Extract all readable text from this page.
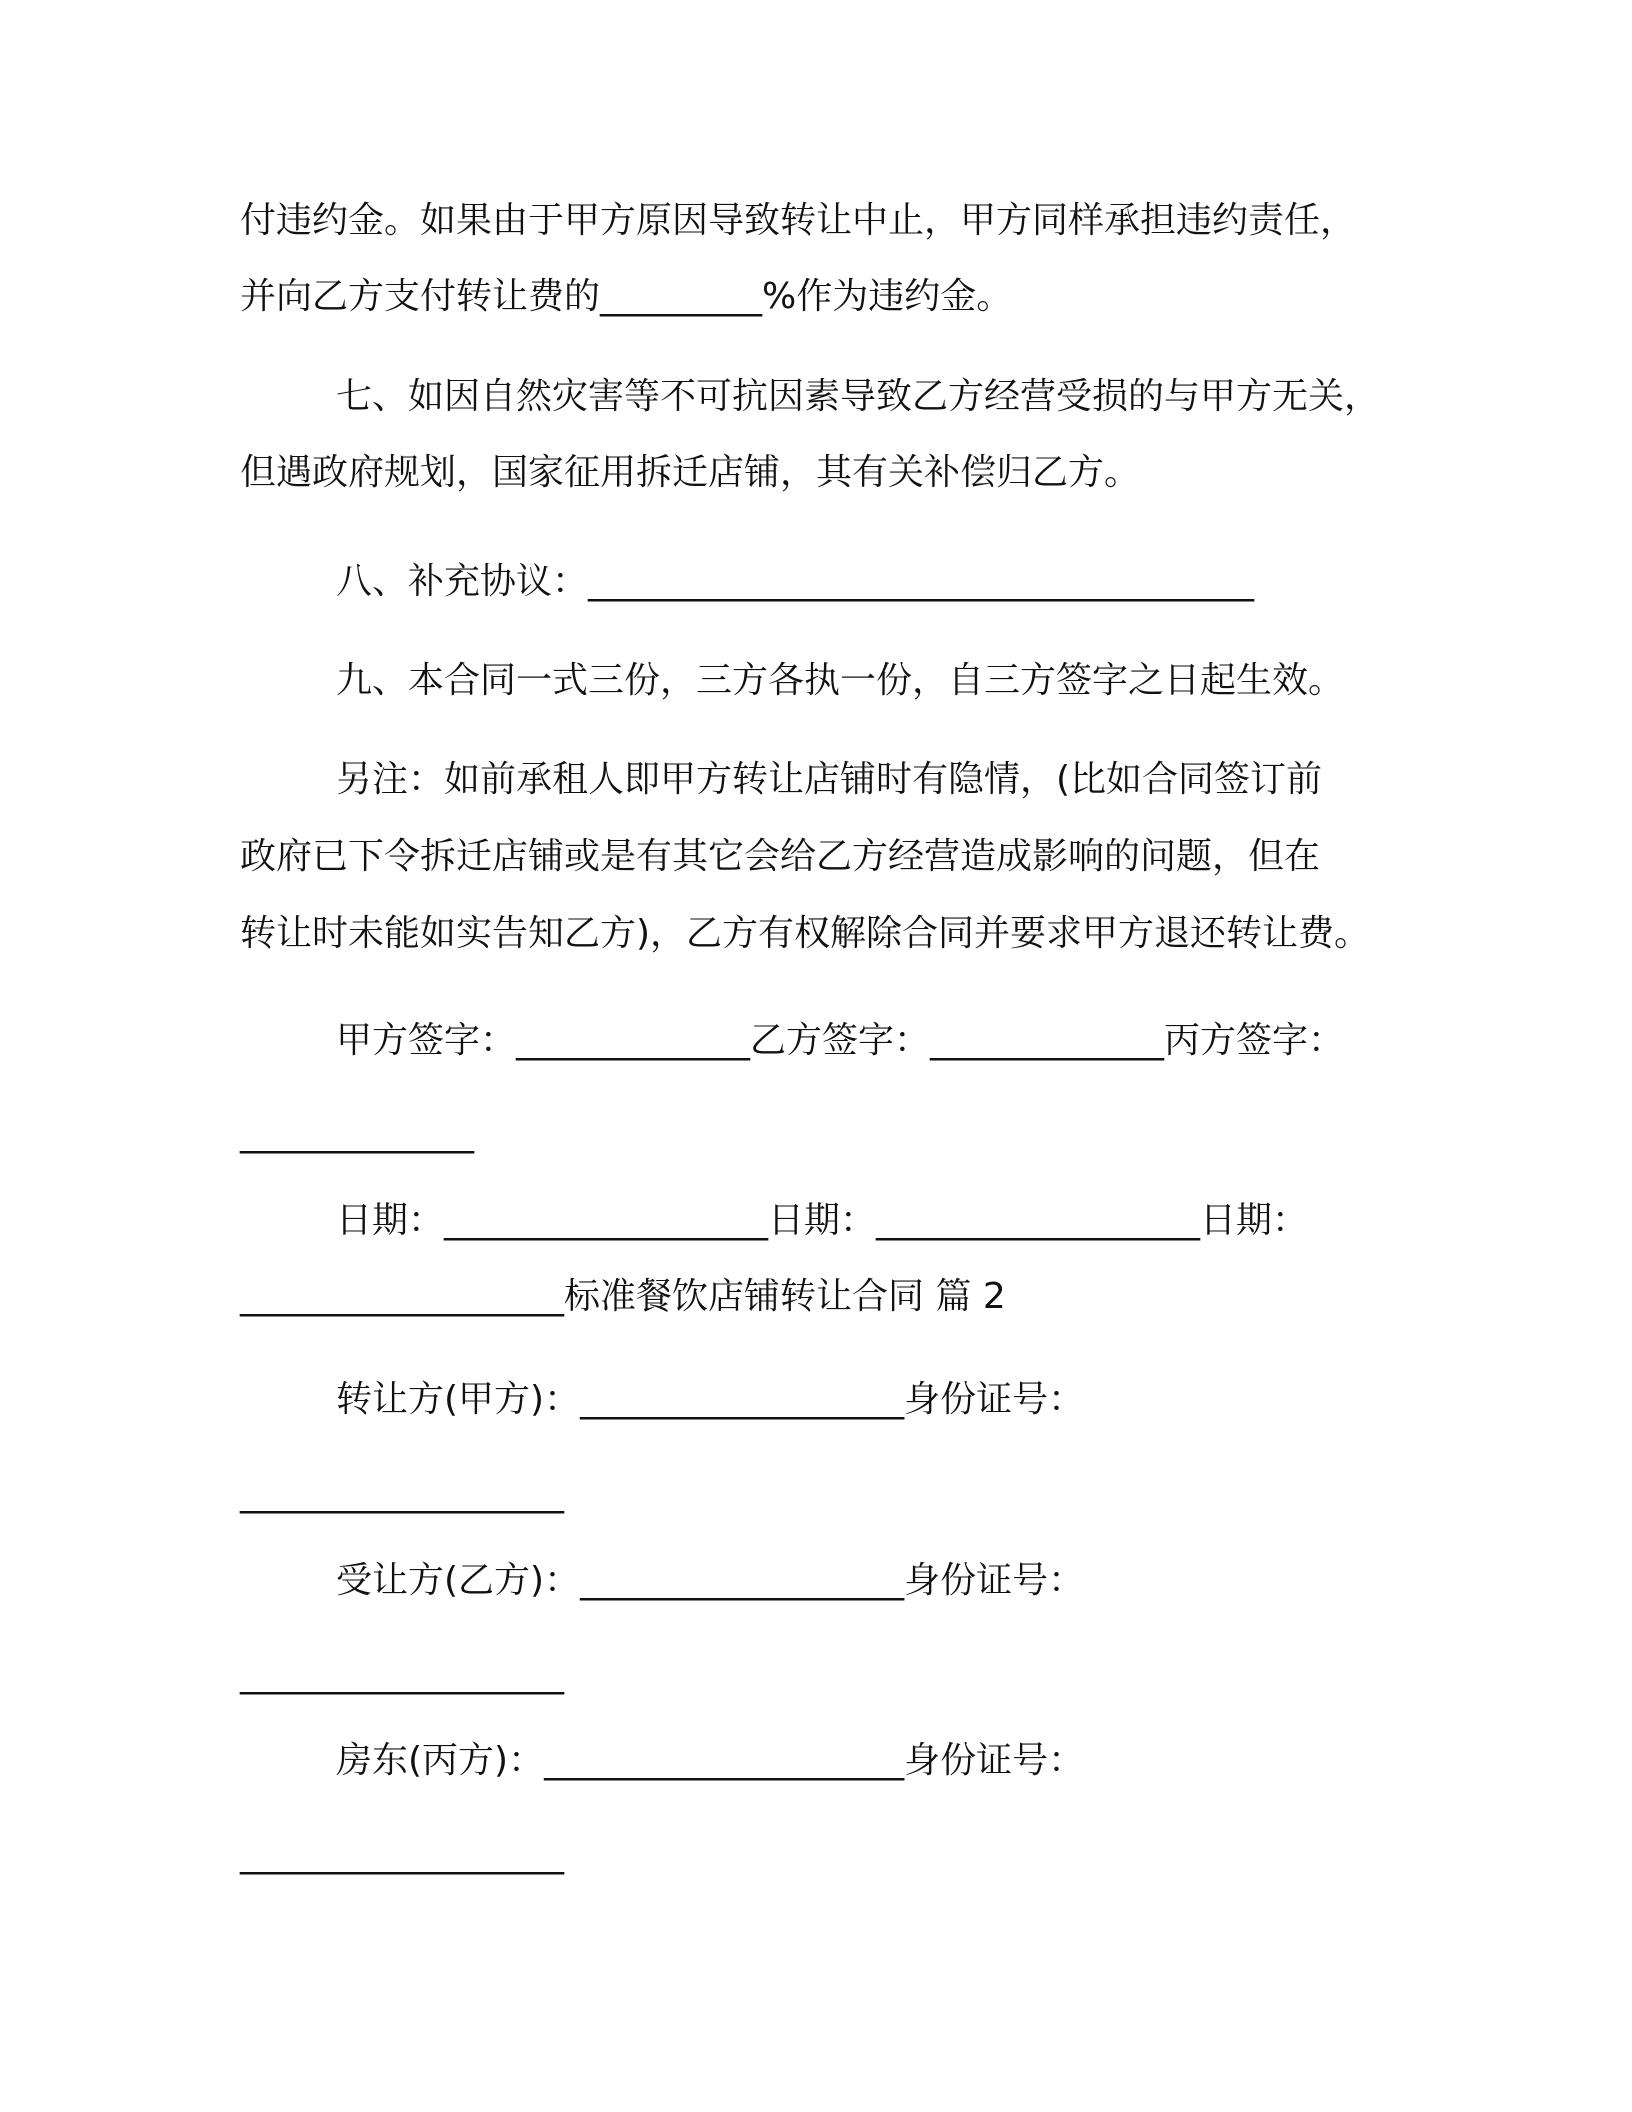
付违约金。如果由于甲方原因导致转让中止，甲方同样承担违约责任，
并向乙方支付转让费的_________%作为违约金。
七、如因自然灾害等不可抗因素导致乙方经营受损的与甲方无关，
但遇政府规划，国家征用拆迁店铺，其有关补偿归乙方。
八、补充协议：_____________________________________
九、本合同一式三份，三方各执一份，自三方签字之日起生效。
另注：如前承租人即甲方转让店铺时有隐情，(比如合同签订前
政府已下令拆迁店铺或是有其它会给乙方经营造成影响的问题，但在
转让时未能如实告知乙方)，乙方有权解除合同并要求甲方退还转让费。
甲方签字：_____________乙方签字：_____________丙方签字：
_____________
日期：__________________日期：__________________日期：
__________________标准餐饮店铺转让合同 篇 2
转让方(甲方)：__________________身份证号：
__________________
受让方(乙方)：__________________身份证号：
__________________
房东(丙方)：____________________身份证号：
__________________
